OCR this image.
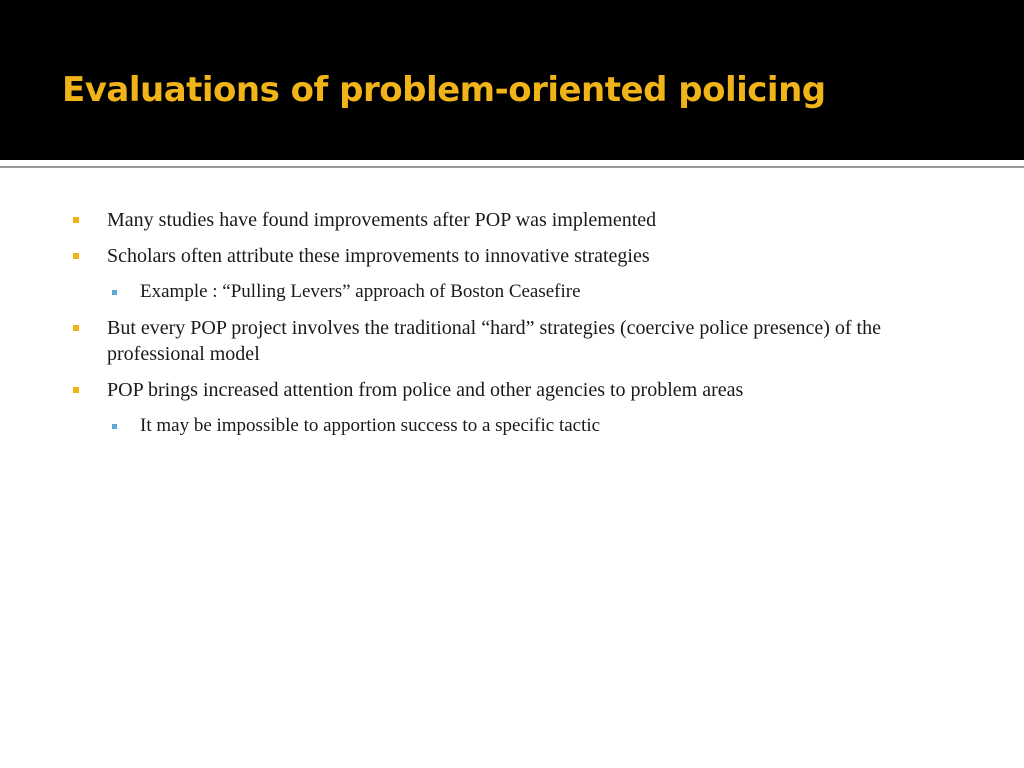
Evaluations of problem-oriented policing
Many studies have found improvements after POP was implemented
Scholars often attribute these improvements to innovative strategies
Example : “Pulling Levers” approach of Boston Ceasefire
But every POP project involves the traditional “hard” strategies (coercive police presence) of the professional model
POP brings increased attention from police and other agencies to problem areas
It may be impossible to apportion success to a specific tactic
